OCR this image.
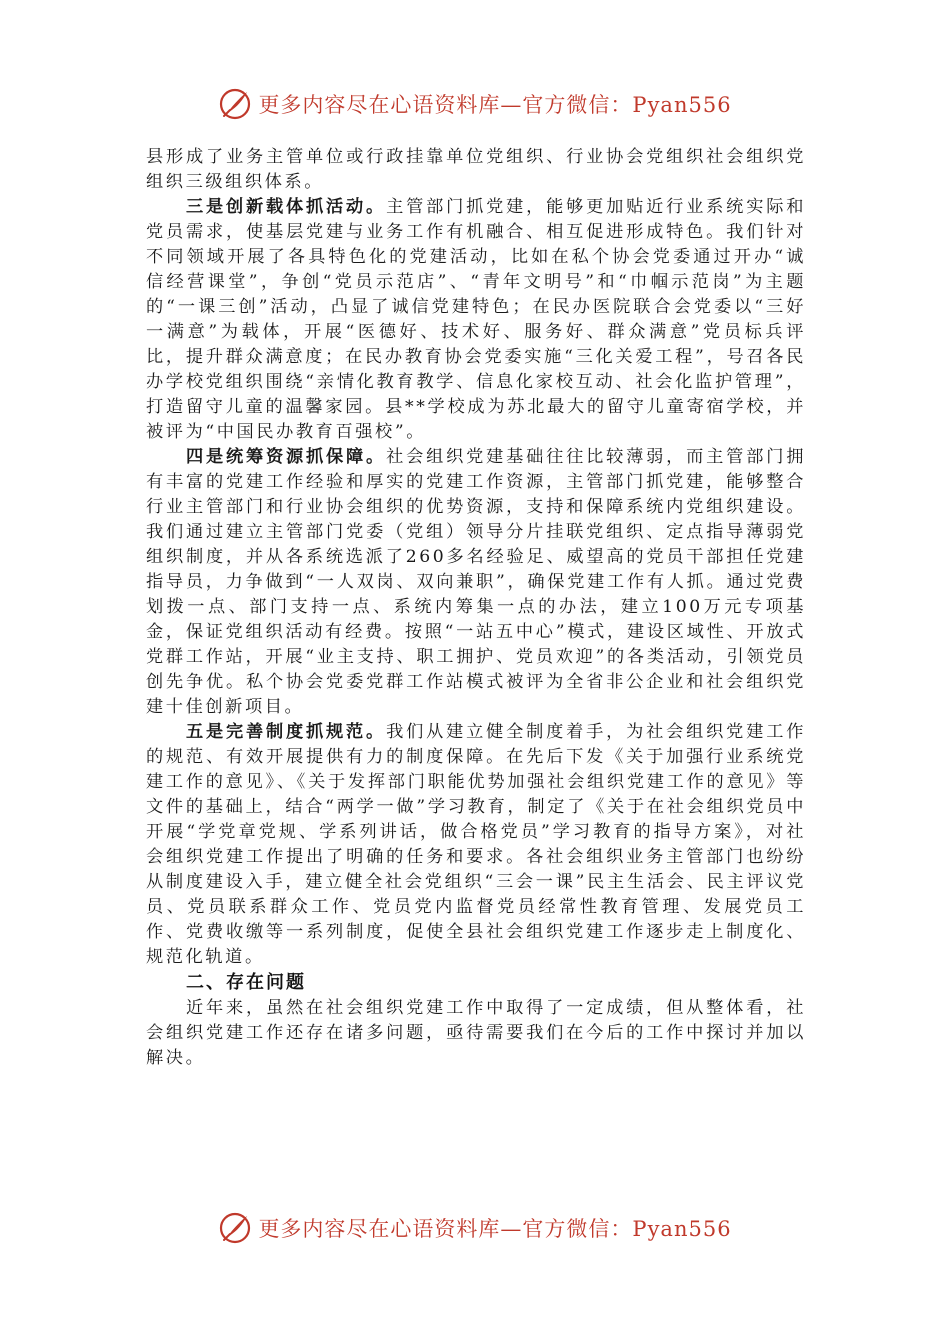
更多内容尽在心语资料库—官方微信：Pyan556

县形成了业务主管单位或行政挂靠单位党组织、行业协会党组织社会组织党组织三级组织体系。

三是创新载体抓活动。主管部门抓党建，能够更加贴近行业系统实际和党员需求，使基层党建与业务工作有机融合、相互促进形成特色。我们针对不同领域开展了各具特色化的党建活动，比如在私个协会党委通过开办“诚信经营课堂”，争创“党员示范店”、“青年文明号”和“巾帼示范岗”为主题的“一课三创”活动，凸显了诚信党建特色；在民办医院联合会党委以“三好一满意”为载体，开展“医德好、技术好、服务好、群众满意”党员标兵评比，提升群众满意度；在民办教育协会党委实施“三化关爱工程”，号召各民办学校党组织围绕“亲情化教育教学、信息化家校互动、社会化监护管理”，打造留守儿童的温馨家园。县**学校成为苏北最大的留守儿童寄宿学校，并被评为“中国民办教育百强校”。

四是统筹资源抓保障。社会组织党建基础往往比较薄弱，而主管部门拥有丰富的党建工作经验和厚实的党建工作资源，主管部门抓党建，能够整合行业主管部门和行业协会组织的优势资源，支持和保障系统内党组织建设。我们通过建立主管部门党委（党组）领导分片挂联党组织、定点指导薄弱党组织制度，并从各系统选派了260多名经验足、威望高的党员干部担任党建指导员，力争做到“一人双岗、双向兼职”，确保党建工作有人抓。通过党费划拨一点、部门支持一点、系统内筹集一点的办法，建立100万元专项基金，保证党组织活动有经费。按照“一站五中心”模式，建设区域性、开放式党群工作站，开展“业主支持、职工拥护、党员欢迎”的各类活动，引领党员创先争优。私个协会党委党群工作站模式被评为全省非公企业和社会组织党建十佳创新项目。

五是完善制度抓规范。我们从建立健全制度着手，为社会组织党建工作的规范、有效开展提供有力的制度保障。在先后下发《关于加强行业系统党建工作的意见》、《关于发挥部门职能优势加强社会组织党建工作的意见》等文件的基础上，结合“两学一做”学习教育，制定了《关于在社会组织党员中开展“学党章党规、学系列讲话，做合格党员”学习教育的指导方案》，对社会组织党建工作提出了明确的任务和要求。各社会组织业务主管部门也纷纷从制度建设入手，建立健全社会党组织“三会一课”民主生活会、民主评议党员、党员联系群众工作、党员党内监督党员经常性教育管理、发展党员工作、党费收缴等一系列制度，促使全县社会组织党建工作逐步走上制度化、规范化轨道。

二、存在问题

近年来，虽然在社会组织党建工作中取得了一定成绩，但从整体看，社会组织党建工作还存在诸多问题，亟待需要我们在今后的工作中探讨并加以解决。

更多内容尽在心语资料库—官方微信：Pyan556
